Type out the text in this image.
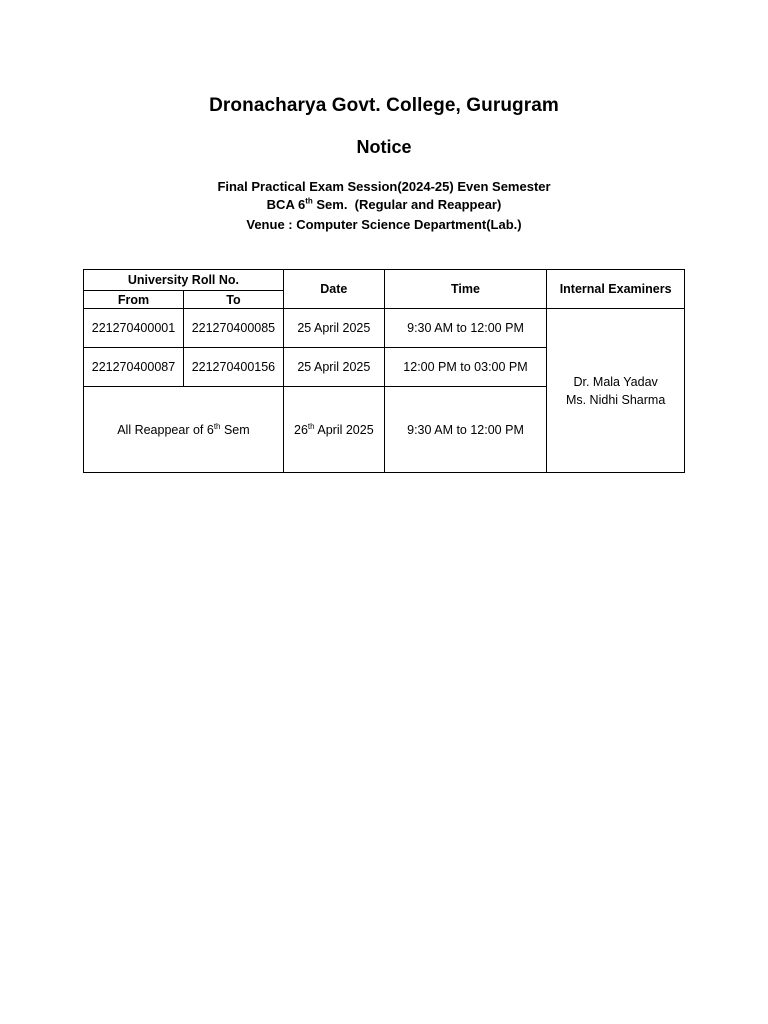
Dronacharya Govt. College, Gurugram
Notice
Final Practical Exam Session(2024-25) Even Semester
BCA 6th Sem.  (Regular and Reappear)
Venue : Computer Science Department(Lab.)
University Roll No.		Date	Time	Internal Examiners
From	To			
221270400001	221270400085	25 April 2025	9:30 AM to 12:00 PM	Dr. Mala Yadav
Ms. Nidhi Sharma

221270400087	221270400156	25 April 2025	12:00 PM to 03:00 PM	
All Reappear of 6th Sem		26th April 2025	9:30 AM to 12:00 PM	
